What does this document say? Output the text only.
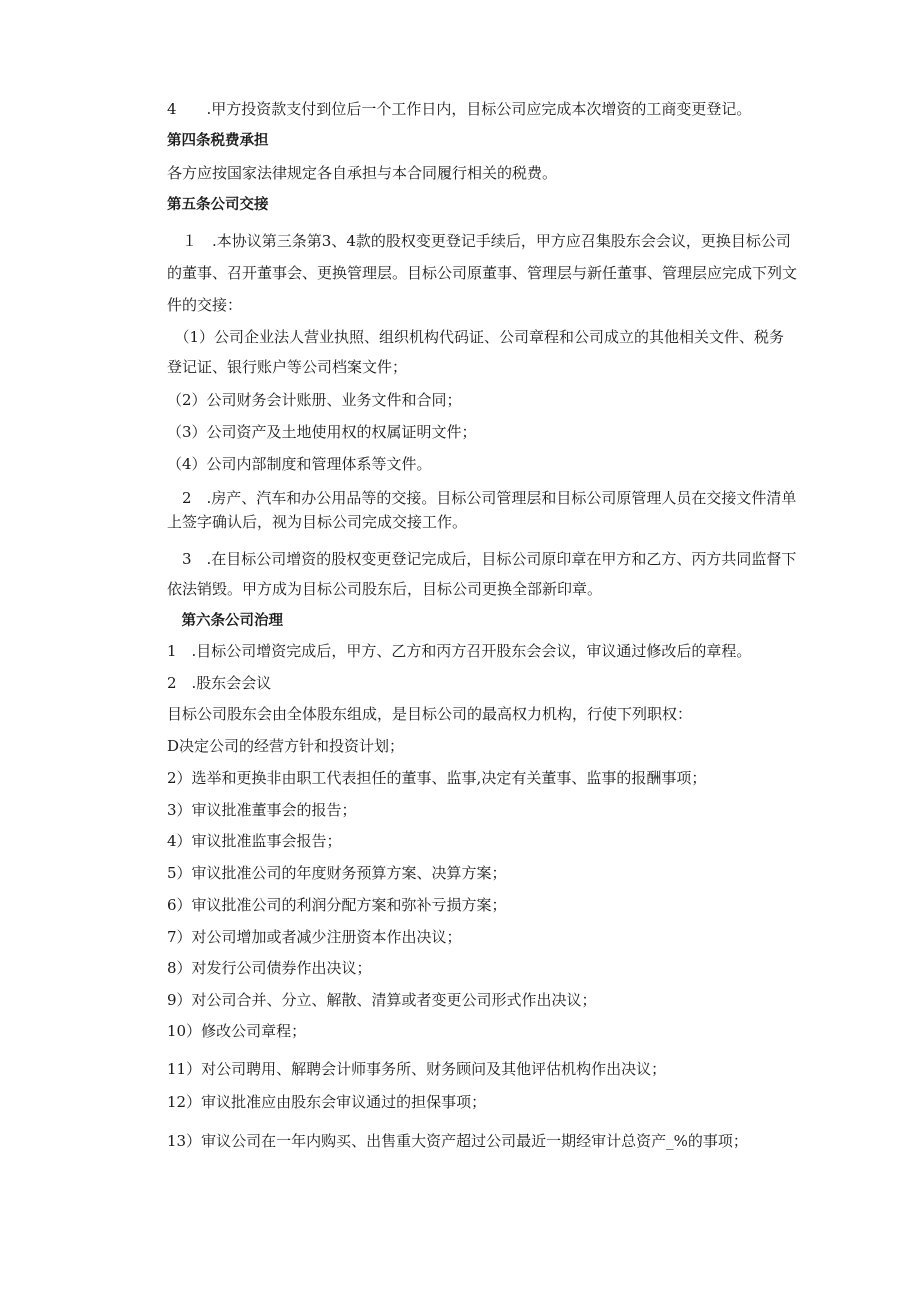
4　　.甲方投资款支付到位后一个工作日内，目标公司应完成本次增资的工商变更登记。

第四条税费承担

各方应按国家法律规定各自承担与本合同履行相关的税费。

第五条公司交接

　１　.本协议第三条第3、4款的股权变更登记手续后，甲方应召集股东会会议，更换目标公司

的董事、召开董事会、更换管理层。目标公司原董事、管理层与新任董事、管理层应完成下列文

件的交接：

　（1）公司企业法人营业执照、组织机构代码证、公司章程和公司成立的其他相关文件、税务

登记证、银行账户等公司档案文件；

（2）公司财务会计账册、业务文件和合同；

（3）公司资产及土地使用权的权属证明文件；

（4）公司内部制度和管理体系等文件。

　2　.房产、汽车和办公用品等的交接。目标公司管理层和目标公司原管理人员在交接文件清单

上签字确认后，视为目标公司完成交接工作。

　3　.在目标公司增资的股权变更登记完成后，目标公司原印章在甲方和乙方、丙方共同监督下

依法销毁。甲方成为目标公司股东后，目标公司更换全部新印章。

　第六条公司治理

1　.目标公司增资完成后，甲方、乙方和丙方召开股东会会议，审议通过修改后的章程。

2　.股东会会议

目标公司股东会由全体股东组成，是目标公司的最高权力机构，行使下列职权：

D决定公司的经营方针和投资计划；

2）选举和更换非由职工代表担任的董事、监事,决定有关董事、监事的报酬事项；

3）审议批准董事会的报告；

4）审议批准监事会报告；

5）审议批准公司的年度财务预算方案、决算方案；

6）审议批准公司的利润分配方案和弥补亏损方案；

7）对公司增加或者减少注册资本作出决议；

8）对发行公司债券作出决议；

9）对公司合并、分立、解散、清算或者变更公司形式作出决议；

10）修改公司章程；

11）对公司聘用、解聘会计师事务所、财务顾问及其他评估机构作出决议；

12）审议批准应由股东会审议通过的担保事项；

13）审议公司在一年内购买、出售重大资产超过公司最近一期经审计总资产_%的事项；
